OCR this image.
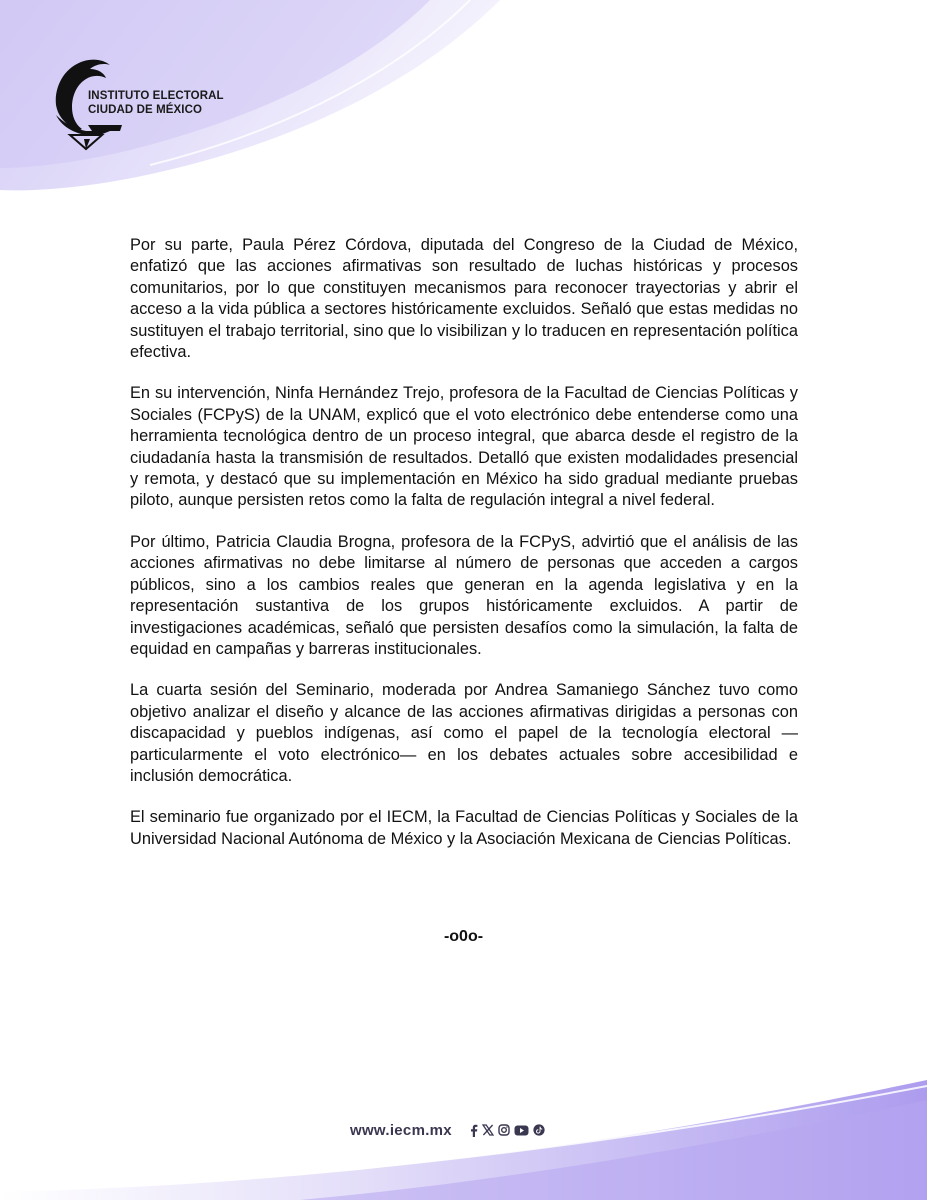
INSTITUTO ELECTORAL
CIUDAD DE MÉXICO

Por su parte, Paula Pérez Córdova, diputada del Congreso de la Ciudad de México, enfatizó que las acciones afirmativas son resultado de luchas históricas y procesos comunitarios, por lo que constituyen mecanismos para reconocer trayectorias y abrir el acceso a la vida pública a sectores históricamente excluidos. Señaló que estas medidas no sustituyen el trabajo territorial, sino que lo visibilizan y lo traducen en representación política efectiva.

En su intervención, Ninfa Hernández Trejo, profesora de la Facultad de Ciencias Políticas y Sociales (FCPyS) de la UNAM, explicó que el voto electrónico debe entenderse como una herramienta tecnológica dentro de un proceso integral, que abarca desde el registro de la ciudadanía hasta la transmisión de resultados. Detalló que existen modalidades presencial y remota, y destacó que su implementación en México ha sido gradual mediante pruebas piloto, aunque persisten retos como la falta de regulación integral a nivel federal.

Por último, Patricia Claudia Brogna, profesora de la FCPyS, advirtió que el análisis de las acciones afirmativas no debe limitarse al número de personas que acceden a cargos públicos, sino a los cambios reales que generan en la agenda legislativa y en la representación sustantiva de los grupos históricamente excluidos. A partir de investigaciones académicas, señaló que persisten desafíos como la simulación, la falta de equidad en campañas y barreras institucionales.

La cuarta sesión del Seminario, moderada por Andrea Samaniego Sánchez tuvo como objetivo analizar el diseño y alcance de las acciones afirmativas dirigidas a personas con discapacidad y pueblos indígenas, así como el papel de la tecnología electoral —particularmente el voto electrónico— en los debates actuales sobre accesibilidad e inclusión democrática.

El seminario fue organizado por el IECM, la Facultad de Ciencias Políticas y Sociales de la Universidad Nacional Autónoma de México y la Asociación Mexicana de Ciencias Políticas.

-o0o-
www.iecm.mx
